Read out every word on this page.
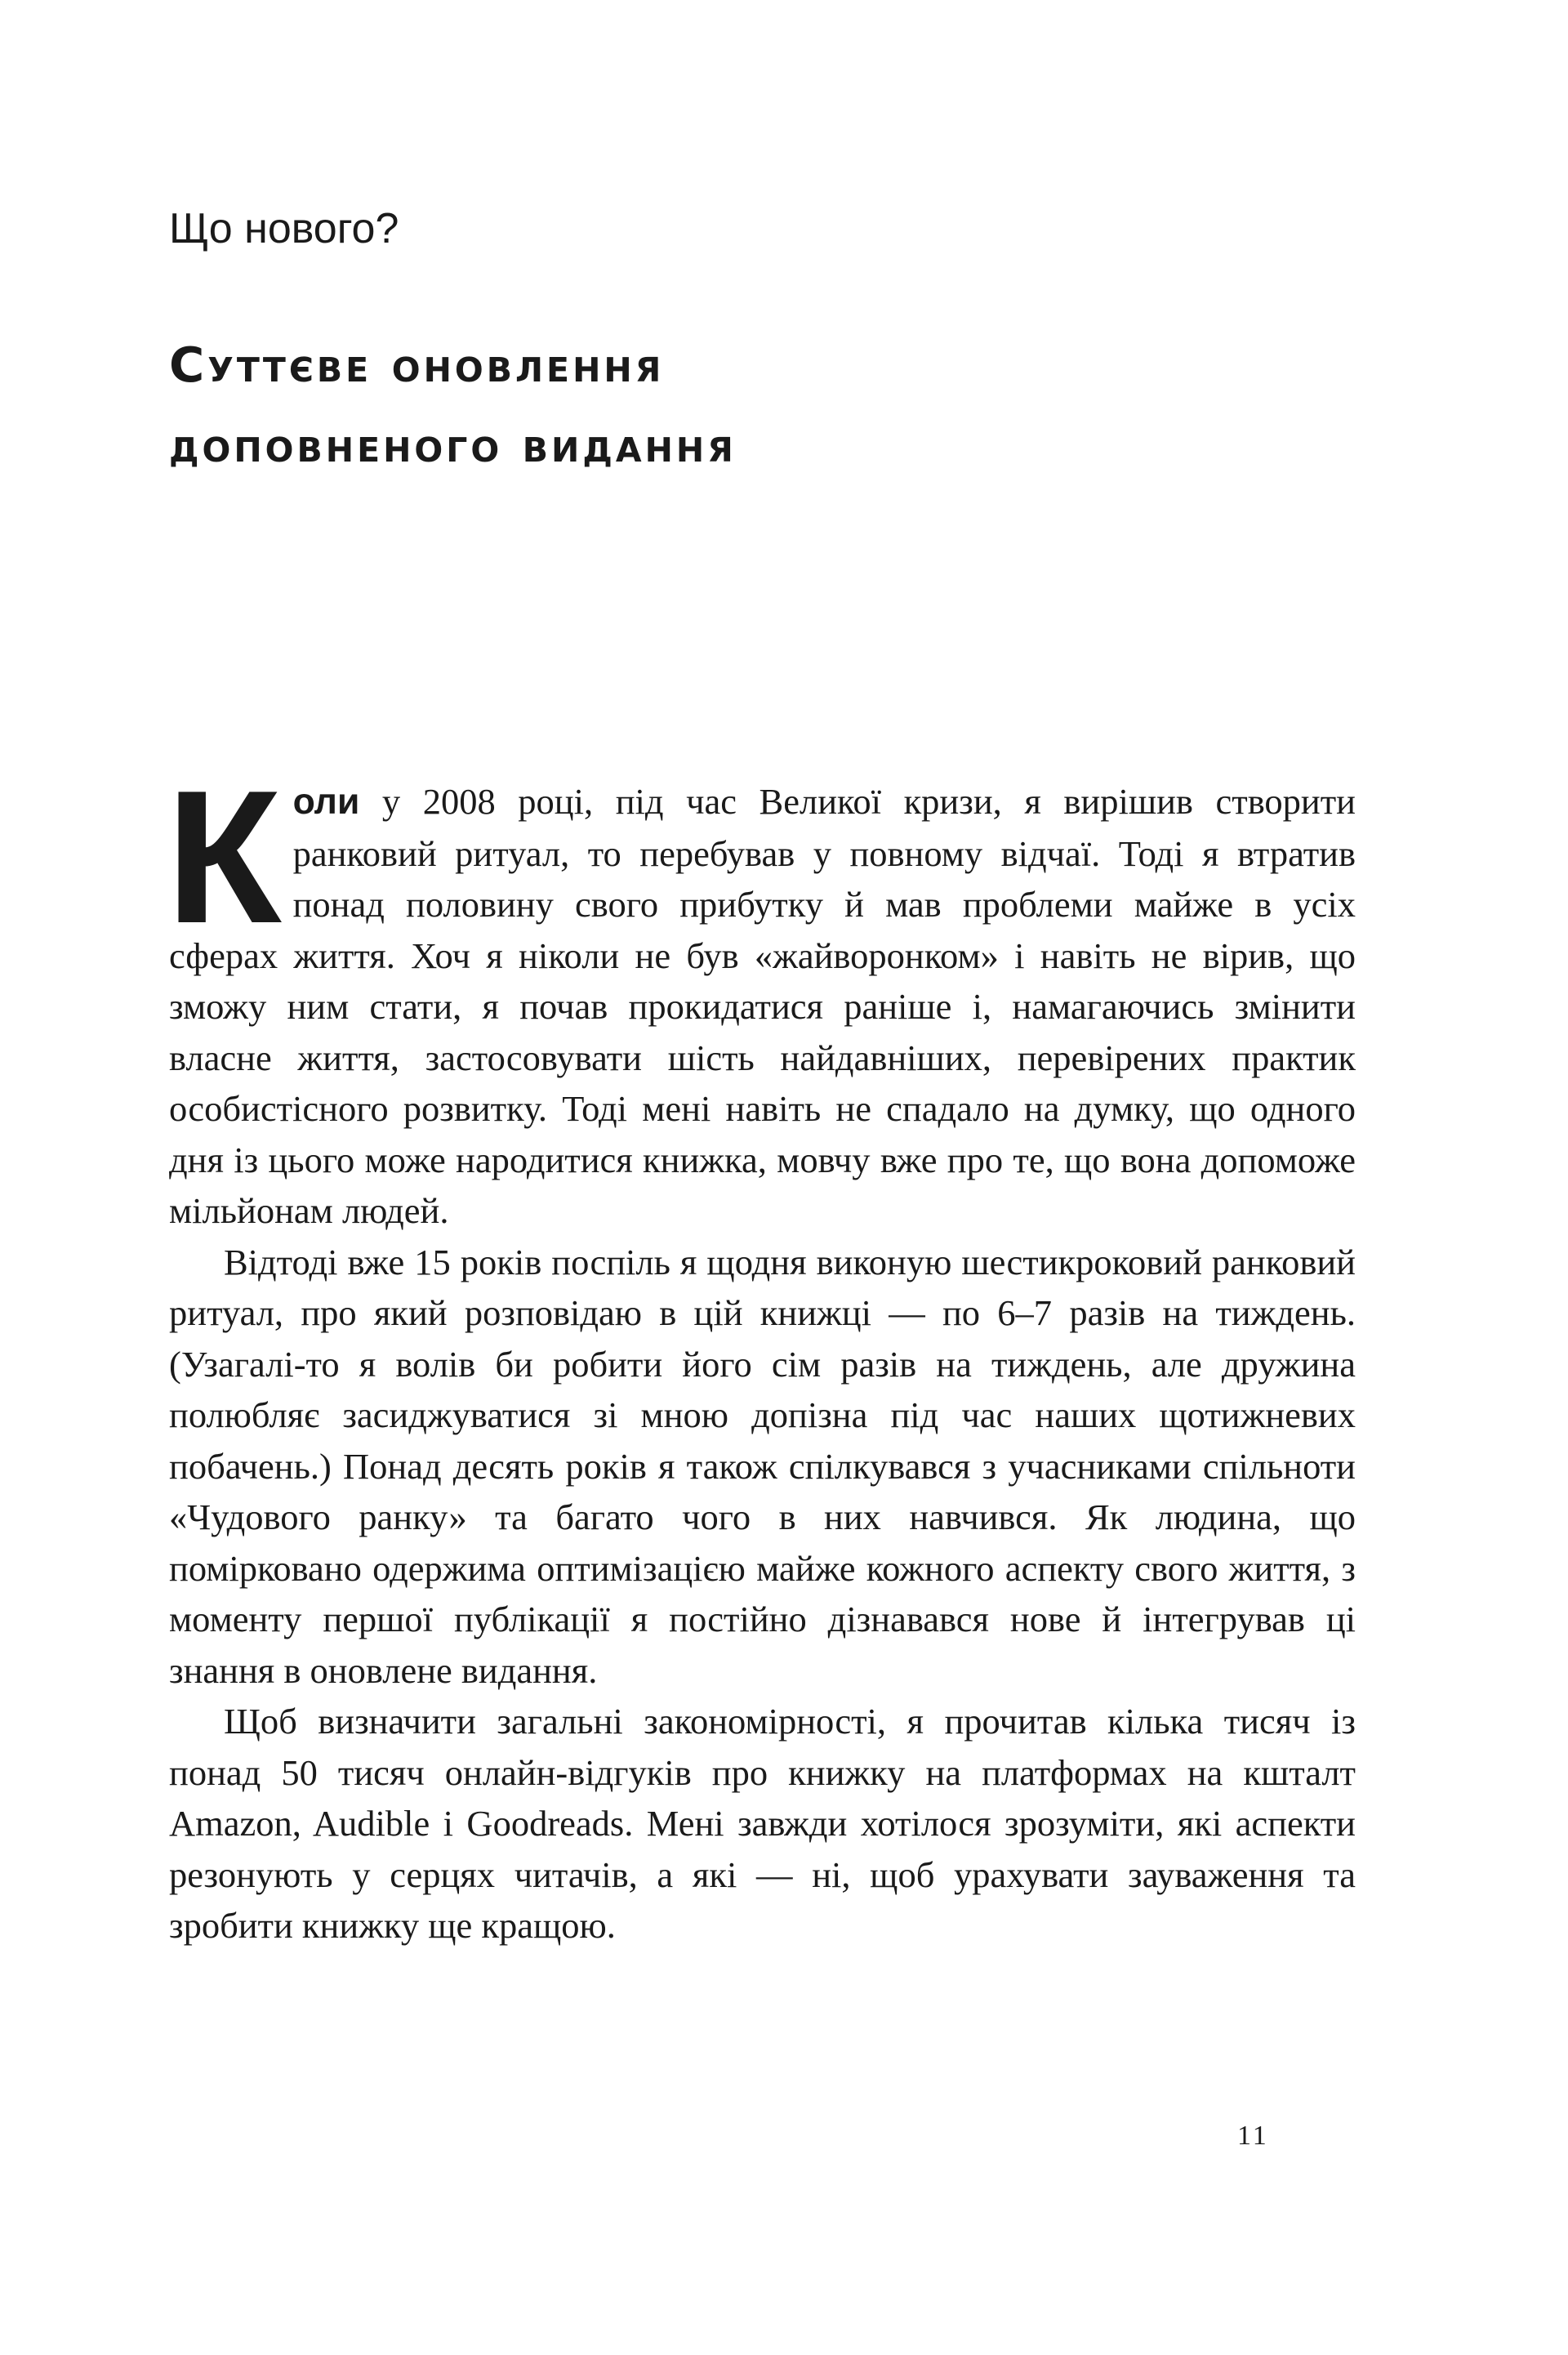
Що нового?
Суттєве оновлення
доповненого видання

Коли у 2008 році, під час Великої кризи, я вирішив створити ранковий ритуал, то перебував у повному відчаї. Тоді я втратив понад половину свого прибутку й мав проблеми майже в усіх сферах життя. Хоч я ніколи не був «жайворонком» і навіть не вірив, що зможу ним стати, я почав прокидатися раніше і, намагаючись змінити власне життя, застосовувати шість найдавніших, перевірених практик особистісного розвитку. Тоді мені навіть не спадало на думку, що одного дня із цього може народитися книжка, мовчу вже про те, що вона допоможе мільйонам людей.

Відтоді вже 15 років поспіль я щодня виконую шестикроковий ранковий ритуал, про який розповідаю в цій книжці — по 6–7 разів на тиждень. (Узагалі-то я волів би робити його сім разів на тиждень, але дружина полюбляє засиджуватися зі мною допізна під час наших щотижневих побачень.) Понад десять років я також спілкувався з учасниками спільноти «Чудового ранку» та багато чого в них навчився. Як людина, що помірковано одержима оптимізацією майже кожного аспекту свого життя, з моменту першої публікації я постійно дізнавався нове й інтегрував ці знання в оновлене видання.

Щоб визначити загальні закономірності, я прочитав кілька тисяч із понад 50 тисяч онлайн-відгуків про книжку на платформах на кшталт Amazon, Audible і Goodreads. Мені завжди хотілося зрозуміти, які аспекти резонують у серцях читачів, а які — ні, щоб урахувати зауваження та зробити книжку ще кращою.

11
